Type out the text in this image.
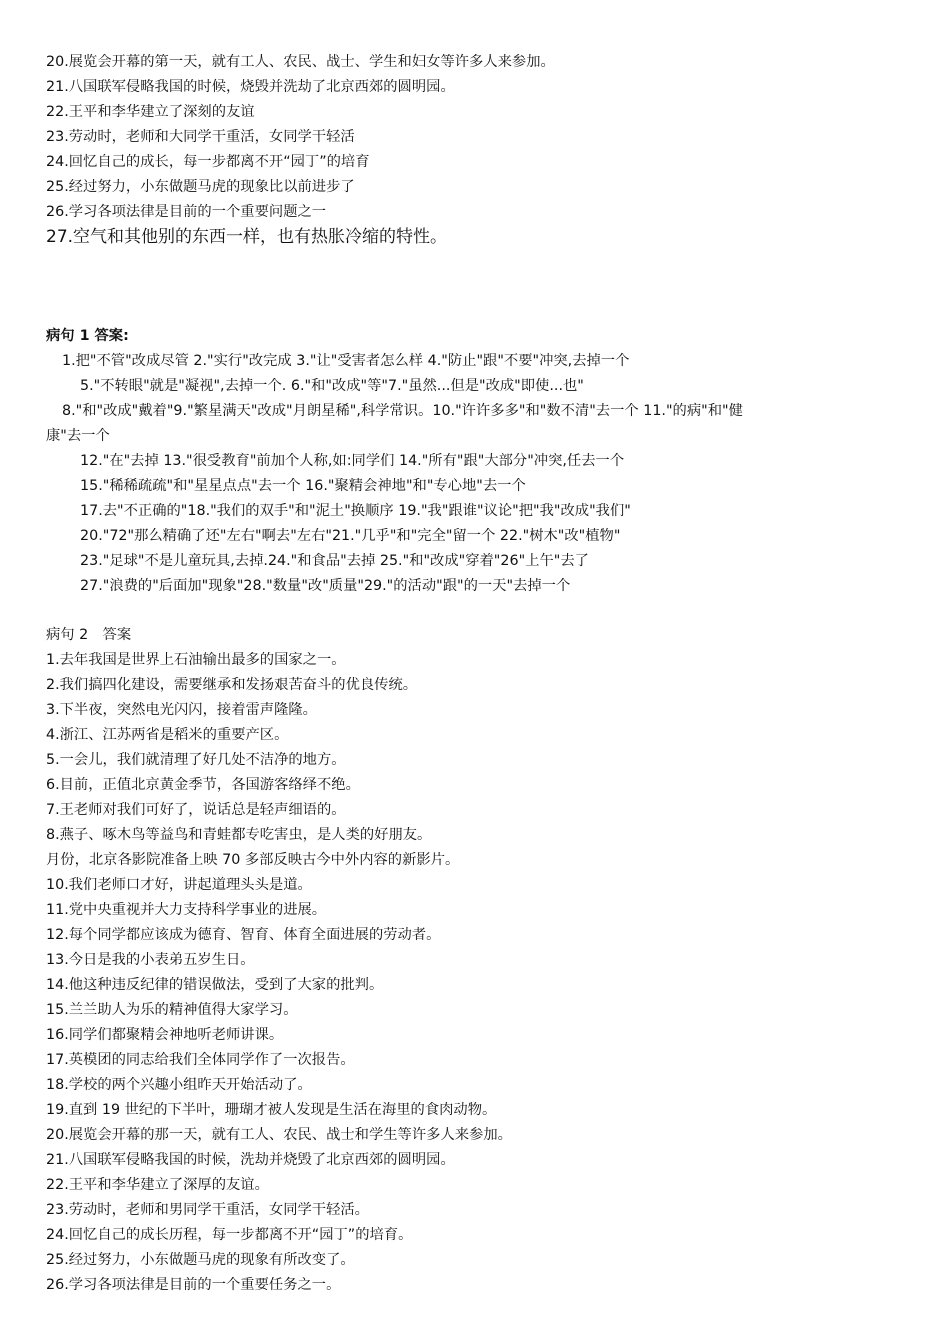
20.展览会开幕的第一天，就有工人、农民、战士、学生和妇女等许多人来参加。
21.八国联军侵略我国的时候，烧毁并洗劫了北京西郊的圆明园。
22.王平和李华建立了深刻的友谊
23.劳动时，老师和大同学干重活，女同学干轻活
24.回忆自己的成长，每一步都离不开“园丁”的培育
25.经过努力，小东做题马虎的现象比以前进步了
26.学习各项法律是目前的一个重要问题之一
27.空气和其他别的东西一样，也有热胀冷缩的特性。
病句 1 答案:
1.把"不管"改成尽管 2."实行"改完成 3."让"受害者怎么样 4."防止"跟"不要"冲突,去掉一个
5."不转眼"就是"凝视",去掉一个. 6."和"改成"等"7."虽然...但是"改成"即使...也"
8."和"改成"戴着"9."繁星满天"改成"月朗星稀",科学常识。10."许许多多"和"数不清"去一个 11."的病"和"健
康"去一个
12."在"去掉 13."很受教育"前加个人称,如:同学们 14."所有"跟"大部分"冲突,任去一个
15."稀稀疏疏"和"星星点点"去一个 16."聚精会神地"和"专心地"去一个
17.去"不正确的"18."我们的双手"和"泥土"换顺序 19."我"跟谁"议论"把"我"改成"我们"
20."72"那么精确了还"左右"啊去"左右"21."几乎"和"完全"留一个 22."树木"改"植物"
23."足球"不是儿童玩具,去掉.24."和食品"去掉 25."和"改成"穿着"26"上午"去了
27."浪费的"后面加"现象"28."数量"改"质量"29."的活动"跟"的一天"去掉一个
病句 2　答案
1.去年我国是世界上石油输出最多的国家之一。
2.我们搞四化建设，需要继承和发扬艰苦奋斗的优良传统。
3.下半夜，突然电光闪闪，接着雷声隆隆。
4.浙江、江苏两省是稻米的重要产区。
5.一会儿，我们就清理了好几处不洁净的地方。
6.目前，正值北京黄金季节，各国游客络绎不绝。
7.王老师对我们可好了，说话总是轻声细语的。
8.燕子、啄木鸟等益鸟和青蛙都专吃害虫，是人类的好朋友。
月份，北京各影院准备上映 70 多部反映古今中外内容的新影片。
10.我们老师口才好，讲起道理头头是道。
11.党中央重视并大力支持科学事业的进展。
12.每个同学都应该成为德育、智育、体育全面进展的劳动者。
13.今日是我的小表弟五岁生日。
14.他这种违反纪律的错误做法，受到了大家的批判。
15.兰兰助人为乐的精神值得大家学习。
16.同学们都聚精会神地听老师讲课。
17.英模团的同志给我们全体同学作了一次报告。
18.学校的两个兴趣小组昨天开始活动了。
19.直到 19 世纪的下半叶，珊瑚才被人发现是生活在海里的食肉动物。
20.展览会开幕的那一天，就有工人、农民、战士和学生等许多人来参加。
21.八国联军侵略我国的时候，洗劫并烧毁了北京西郊的圆明园。
22.王平和李华建立了深厚的友谊。
23.劳动时，老师和男同学干重活，女同学干轻活。
24.回忆自己的成长历程，每一步都离不开“园丁”的培育。
25.经过努力，小东做题马虎的现象有所改变了。
26.学习各项法律是目前的一个重要任务之一。
